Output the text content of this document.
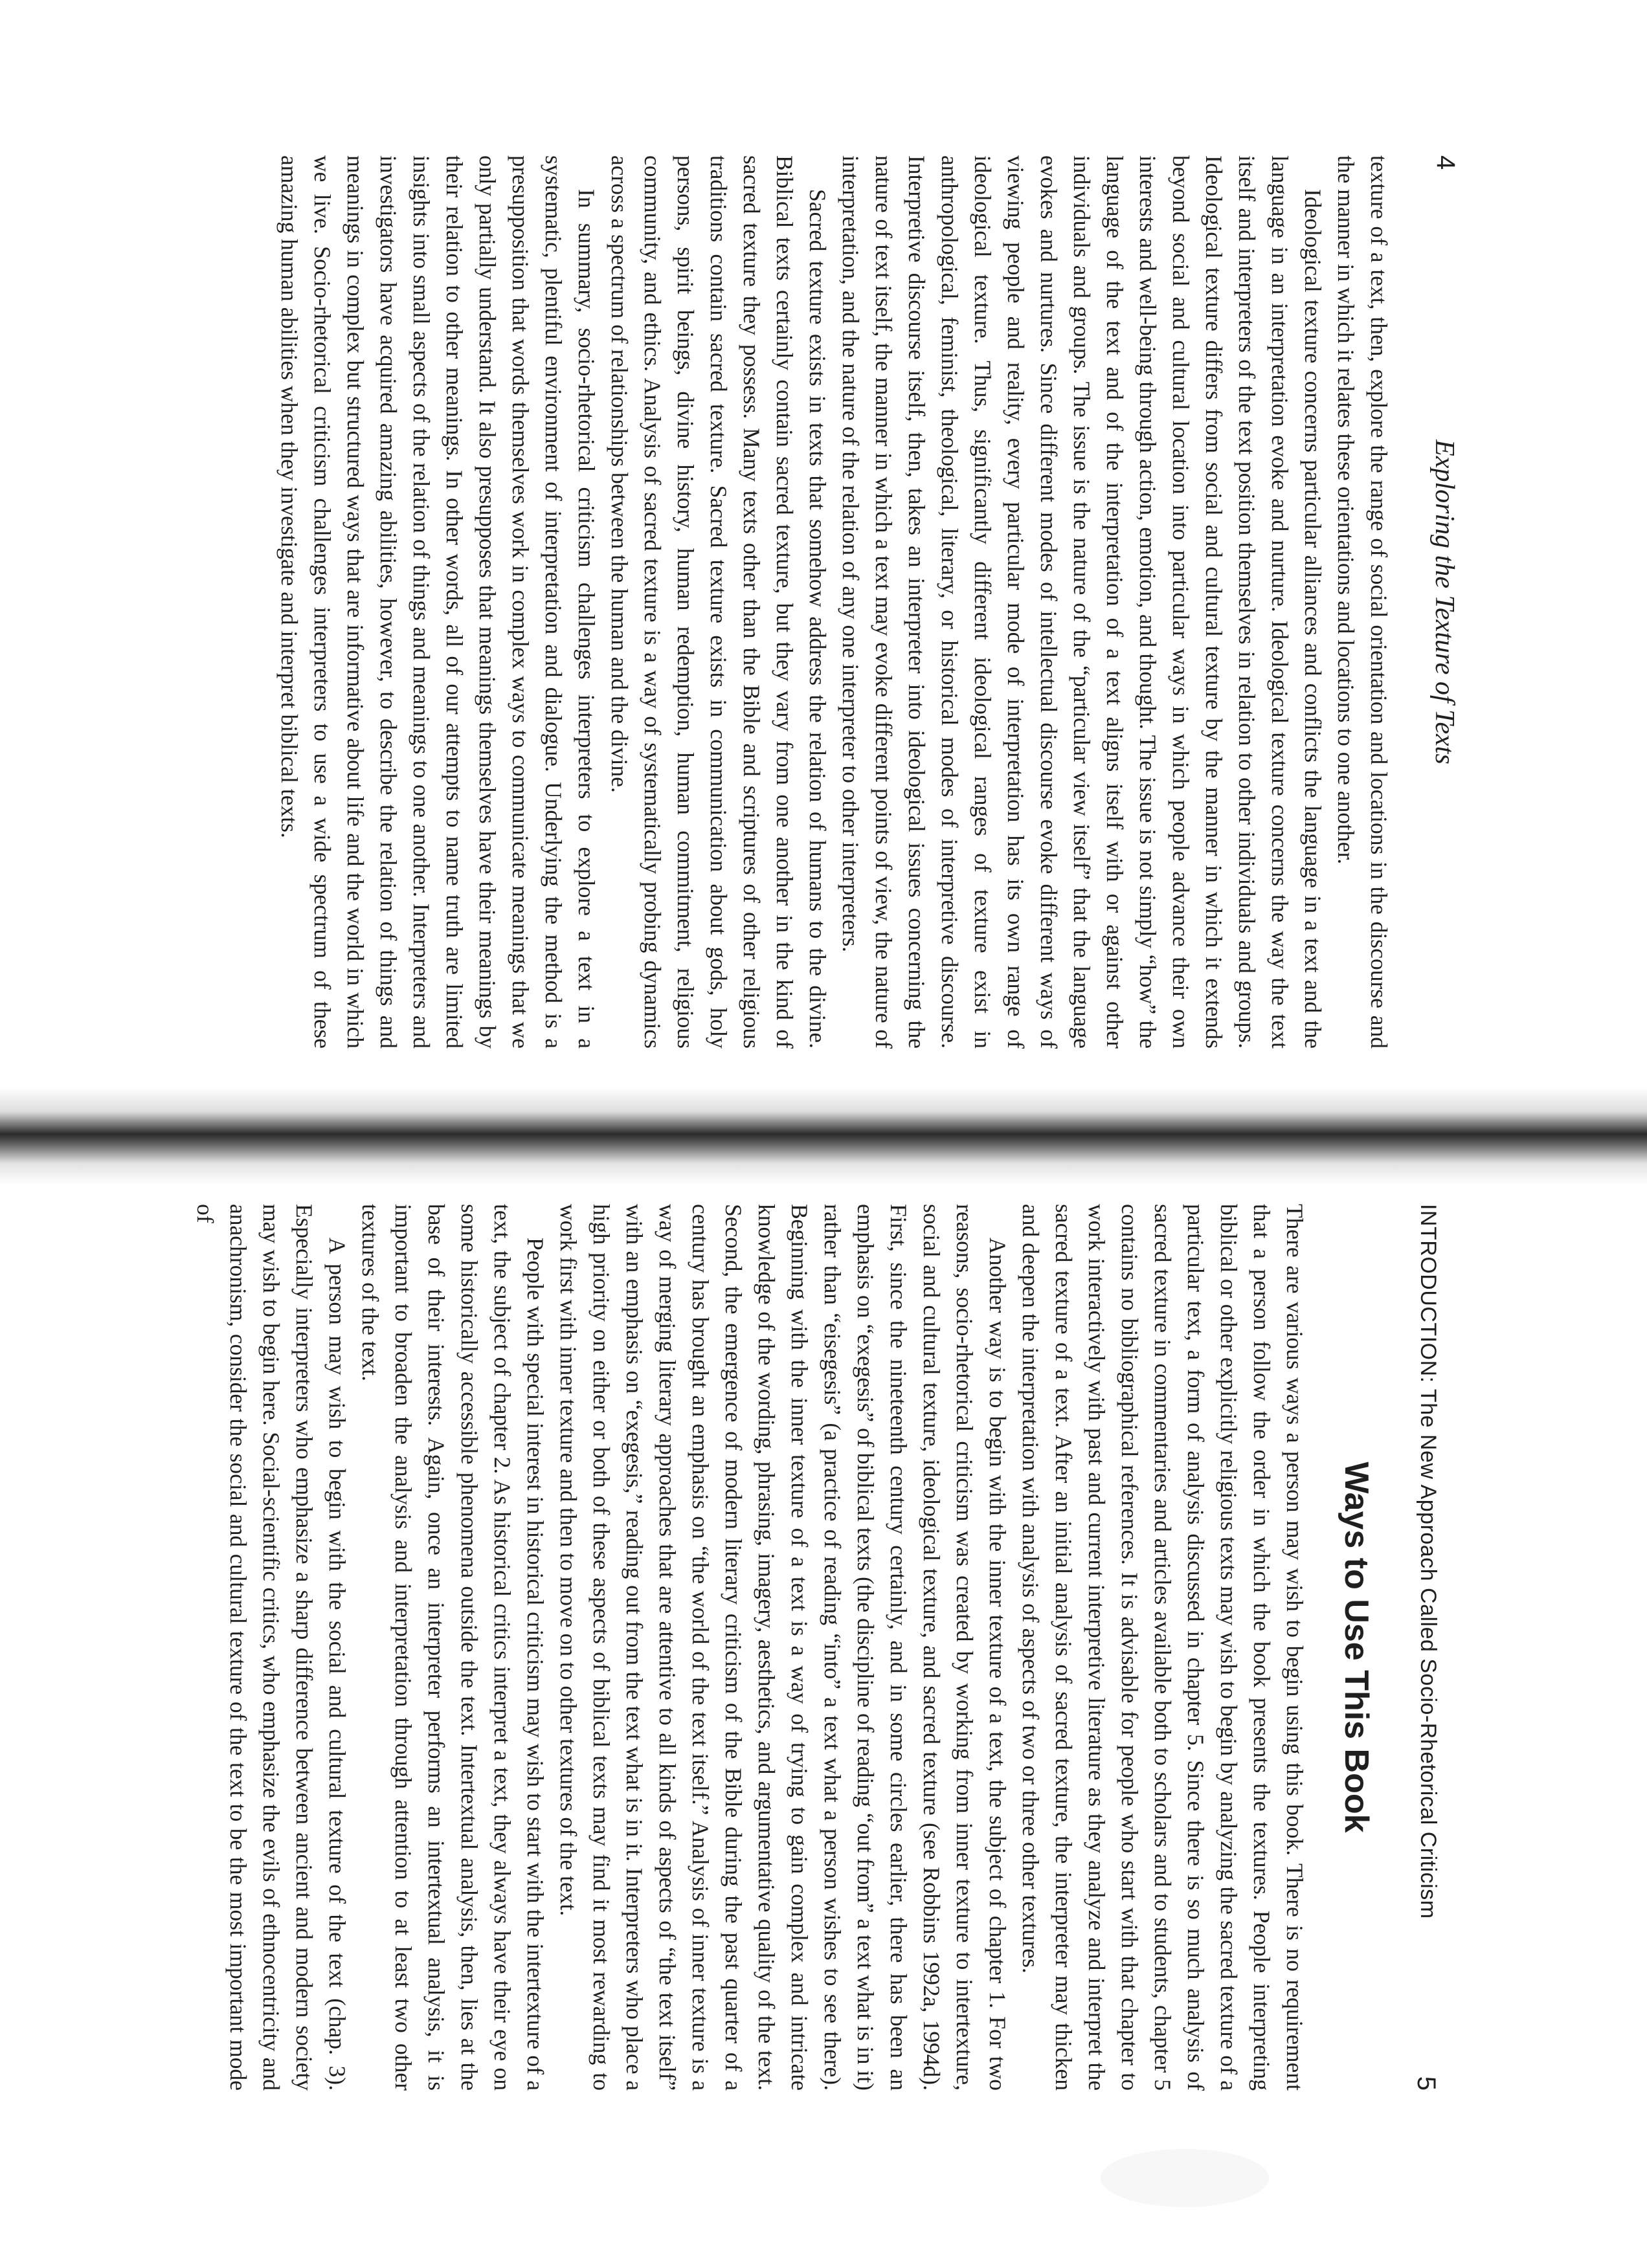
4
Exploring the Texture of Texts

texture of a text, then, explore the range of social orientation and locations in the discourse and the manner in which it relates these orientations and locations to one another.

Ideological texture concerns particular alliances and conflicts the language in a text and the language in an interpretation evoke and nurture. Ideological texture concerns the way the text itself and interpreters of the text position themselves in relation to other individuals and groups. Ideological texture differs from social and cultural texture by the manner in which it extends beyond social and cultural location into particular ways in which people advance their own interests and well-being through action, emotion, and thought. The issue is not simply “how” the language of the text and of the interpretation of a text aligns itself with or against other individuals and groups. The issue is the nature of the “particular view itself” that the language evokes and nurtures. Since different modes of intellectual discourse evoke different ways of viewing people and reality, every particular mode of interpretation has its own range of ideological texture. Thus, significantly different ideological ranges of texture exist in anthropological, feminist, theological, literary, or historical modes of interpretive discourse. Interpretive discourse itself, then, takes an interpreter into ideological issues concerning the nature of text itself, the manner in which a text may evoke different points of view, the nature of interpretation, and the nature of the relation of any one interpreter to other interpreters.

Sacred texture exists in texts that somehow address the relation of humans to the divine. Biblical texts certainly contain sacred texture, but they vary from one another in the kind of sacred texture they possess. Many texts other than the Bible and scriptures of other religious traditions contain sacred texture. Sacred texture exists in communication about gods, holy persons, spirit beings, divine history, human redemption, human commitment, religious community, and ethics. Analysis of sacred texture is a way of systematically probing dynamics across a spectrum of relationships between the human and the divine.

In summary, socio-rhetorical criticism challenges interpreters to explore a text in a systematic, plentiful environment of interpretation and dialogue. Underlying the method is a presupposition that words themselves work in complex ways to communicate meanings that we only partially understand. It also presupposes that meanings themselves have their meanings by their relation to other meanings. In other words, all of our attempts to name truth are limited insights into small aspects of the relation of things and meanings to one another. Interpreters and investigators have acquired amazing abilities, however, to describe the relation of things and meanings in complex but structured ways that are informative about life and the world in which we live. Socio-rhetorical criticism challenges interpreters to use a wide spectrum of these amazing human abilities when they investigate and interpret biblical texts.

INTRODUCTION: The New Approach Called Socio-Rhetorical Criticism
5
Ways to Use This Book

There are various ways a person may wish to begin using this book. There is no requirement that a person follow the order in which the book presents the textures. People interpreting biblical or other explicitly religious texts may wish to begin by analyzing the sacred texture of a particular text, a form of analysis discussed in chapter 5. Since there is so much analysis of sacred texture in commentaries and articles available both to scholars and to students, chapter 5 contains no bibliographical references. It is advisable for people who start with that chapter to work interactively with past and current interpretive literature as they analyze and interpret the sacred texture of a text. After an initial analysis of sacred texture, the interpreter may thicken and deepen the interpretation with analysis of aspects of two or three other textures.

Another way is to begin with the inner texture of a text, the subject of chapter 1. For two reasons, socio-rhetorical criticism was created by working from inner texture to intertexture, social and cultural texture, ideological texture, and sacred texture (see Robbins 1992a, 1994d). First, since the nineteenth century certainly, and in some circles earlier, there has been an emphasis on “exegesis” of biblical texts (the discipline of reading “out from” a text what is in it) rather than “eisegesis” (a practice of reading “into” a text what a person wishes to see there). Beginning with the inner texture of a text is a way of trying to gain complex and intricate knowledge of the wording, phrasing, imagery, aesthetics, and argumentative quality of the text. Second, the emergence of modern literary criticism of the Bible during the past quarter of a century has brought an emphasis on “the world of the text itself.” Analysis of inner texture is a way of merging literary approaches that are attentive to all kinds of aspects of “the text itself” with an emphasis on “exegesis,” reading out from the text what is in it. Interpreters who place a high priority on either or both of these aspects of biblical texts may find it most rewarding to work first with inner texture and then to move on to other textures of the text.

People with special interest in historical criticism may wish to start with the intertexture of a text, the subject of chapter 2. As historical critics interpret a text, they always have their eye on some historically accessible phenomena outside the text. Intertextual analysis, then, lies at the base of their interests. Again, once an interpreter performs an intertextual analysis, it is important to broaden the analysis and interpretation through attention to at least two other textures of the text.

A person may wish to begin with the social and cultural texture of the text (chap. 3). Especially interpreters who emphasize a sharp difference between ancient and modern society may wish to begin here. Social-scientific critics, who emphasize the evils of ethnocentricity and anachronism, consider the social and cultural texture of the text to be the most important mode of
